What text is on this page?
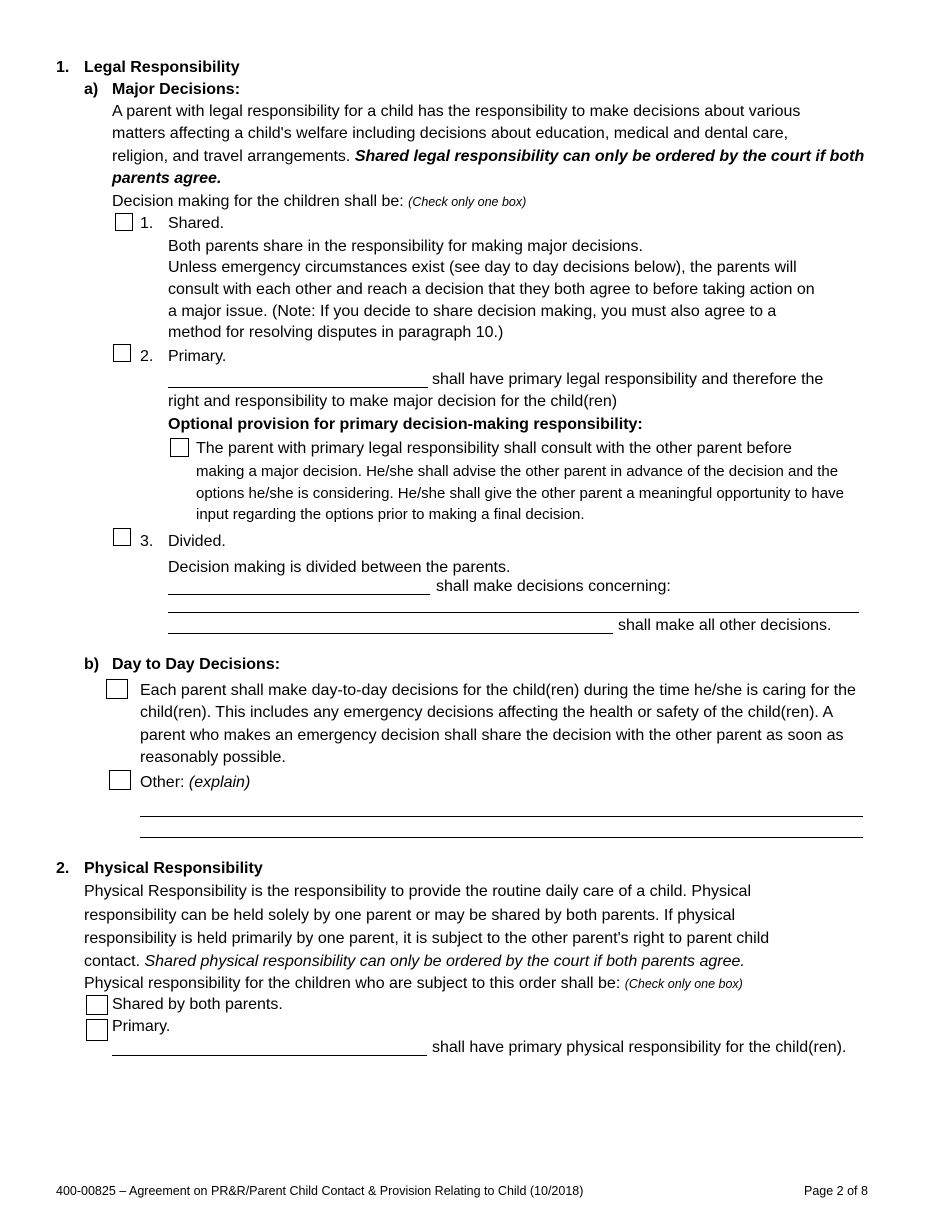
1. Legal Responsibility
a) Major Decisions:
A parent with legal responsibility for a child has the responsibility to make decisions about various
matters affecting a child's welfare including decisions about education, medical and dental care,
religion, and travel arrangements. Shared legal responsibility can only be ordered by the court if both
parents agree.
Decision making for the children shall be: (Check only one box)
1. Shared.
Both parents share in the responsibility for making major decisions.
Unless emergency circumstances exist (see day to day decisions below), the parents will
consult with each other and reach a decision that they both agree to before taking action on
a major issue. (Note: If you decide to share decision making, you must also agree to a
method for resolving disputes in paragraph 10.)
2. Primary.
shall have primary legal responsibility and therefore the
right and responsibility to make major decision for the child(ren)
Optional provision for primary decision-making responsibility:
The parent with primary legal responsibility shall consult with the other parent before
making a major decision. He/she shall advise the other parent in advance of the decision and the
options he/she is considering. He/she shall give the other parent a meaningful opportunity to have
input regarding the options prior to making a final decision.
3. Divided.
Decision making is divided between the parents.
shall make decisions concerning:
shall make all other decisions.
b) Day to Day Decisions:
Each parent shall make day-to-day decisions for the child(ren) during the time he/she is caring for the
child(ren). This includes any emergency decisions affecting the health or safety of the child(ren). A
parent who makes an emergency decision shall share the decision with the other parent as soon as
reasonably possible.
Other: (explain)
2. Physical Responsibility
Physical Responsibility is the responsibility to provide the routine daily care of a child. Physical
responsibility can be held solely by one parent or may be shared by both parents. If physical
responsibility is held primarily by one parent, it is subject to the other parent's right to parent child
contact. Shared physical responsibility can only be ordered by the court if both parents agree.
Physical responsibility for the children who are subject to this order shall be: (Check only one box)
Shared by both parents.
Primary.
shall have primary physical responsibility for the child(ren).
400-00825 – Agreement on PR&R/Parent Child Contact & Provision Relating to Child (10/2018)	Page 2 of 8
